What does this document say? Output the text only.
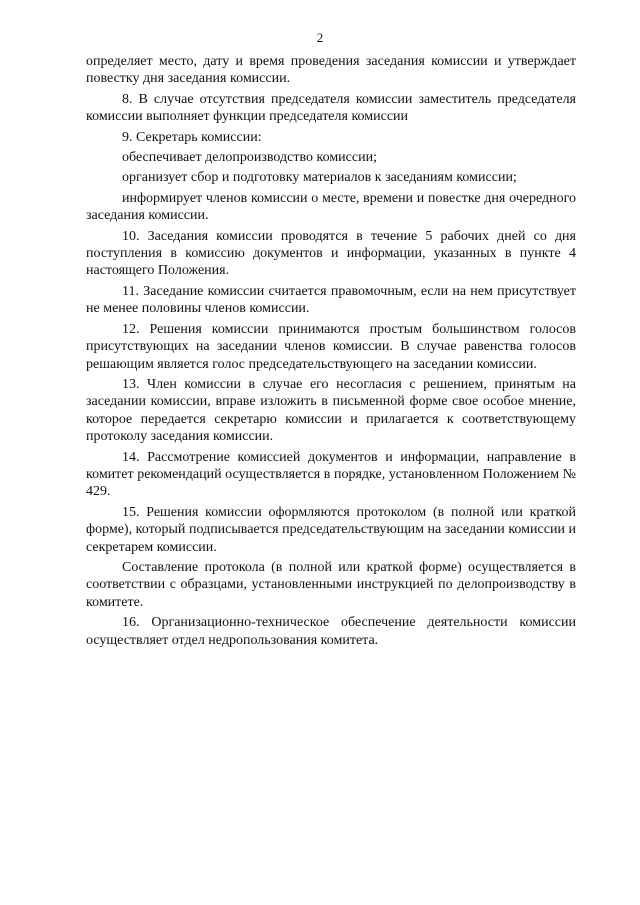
2

определяет место, дату и время проведения заседания комиссии и утверждает повестку дня заседания комиссии.

8. В случае отсутствия председателя комиссии заместитель председателя комиссии выполняет функции председателя комиссии

9. Секретарь комиссии:

обеспечивает делопроизводство комиссии;

организует сбор и подготовку материалов к заседаниям комиссии;

информирует членов комиссии о месте, времени и повестке дня очередного заседания комиссии.

10. Заседания комиссии проводятся в течение 5 рабочих дней со дня поступления в комиссию документов и информации, указанных в пункте 4 настоящего Положения.

11. Заседание комиссии считается правомочным, если на нем присутствует не менее половины членов комиссии.

12. Решения комиссии принимаются простым большинством голосов присутствующих на заседании членов комиссии. В случае равенства голосов решающим является голос председательствующего на заседании комиссии.

13. Член комиссии в случае его несогласия с решением, принятым на заседании комиссии, вправе изложить в письменной форме свое особое мнение, которое передается секретарю комиссии и прилагается к соответствующему протоколу заседания комиссии.

14. Рассмотрение комиссией документов и информации, направление в комитет рекомендаций осуществляется в порядке, установленном Положением № 429.

15. Решения комиссии оформляются протоколом (в полной или краткой форме), который подписывается председательствующим на заседании комиссии и секретарем комиссии.

Составление протокола (в полной или краткой форме) осуществляется в соответствии с образцами, установленными инструкцией по делопроизводству в комитете.

16. Организационно-техническое обеспечение деятельности комиссии осуществляет отдел недропользования комитета.
